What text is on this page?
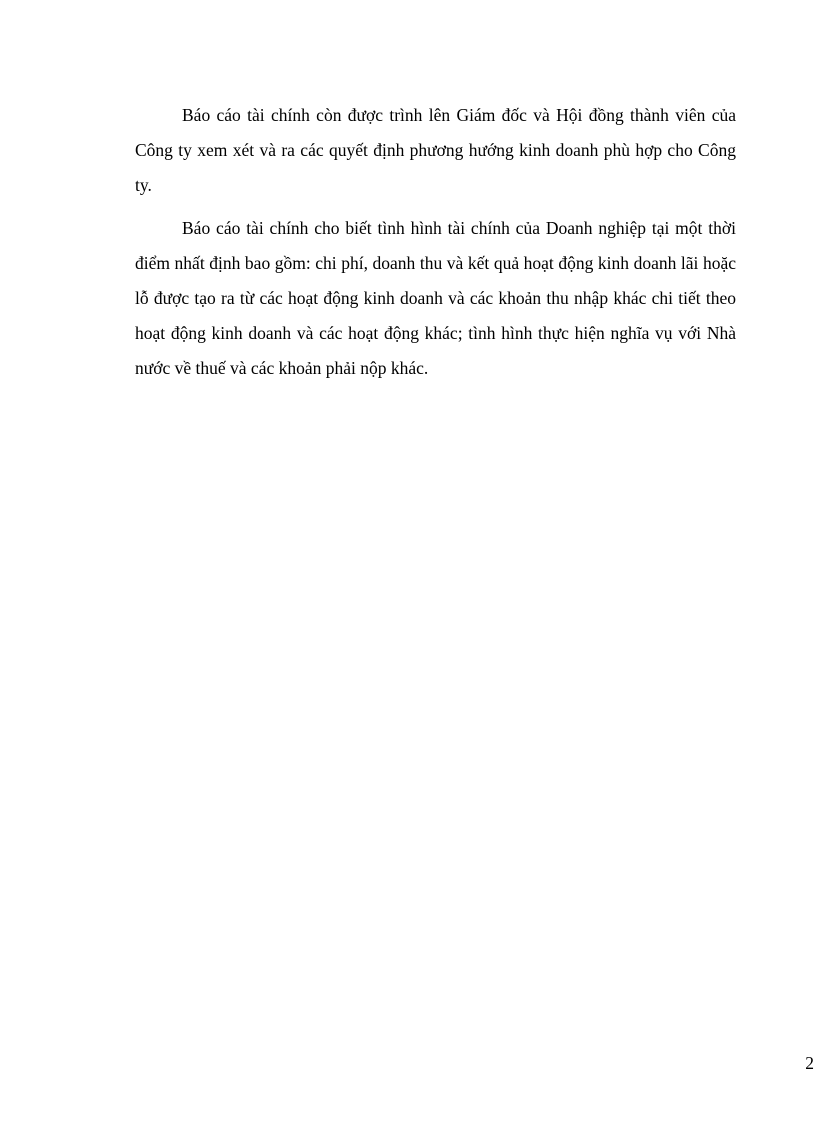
Báo cáo tài chính còn được trình lên Giám đốc và Hội đồng thành viên của Công ty xem xét và ra các quyết định phương hướng kinh doanh phù hợp cho Công ty.

Báo cáo tài chính cho biết tình hình tài chính của Doanh nghiệp tại một thời điểm nhất định bao gồm: chi phí, doanh thu và kết quả hoạt động kinh doanh lãi hoặc lỗ được tạo ra từ các hoạt động kinh doanh và các khoản thu nhập khác chi tiết theo hoạt động kinh doanh và các hoạt động khác; tình hình thực hiện nghĩa vụ với Nhà nước về thuế và các khoản phải nộp khác.

2
